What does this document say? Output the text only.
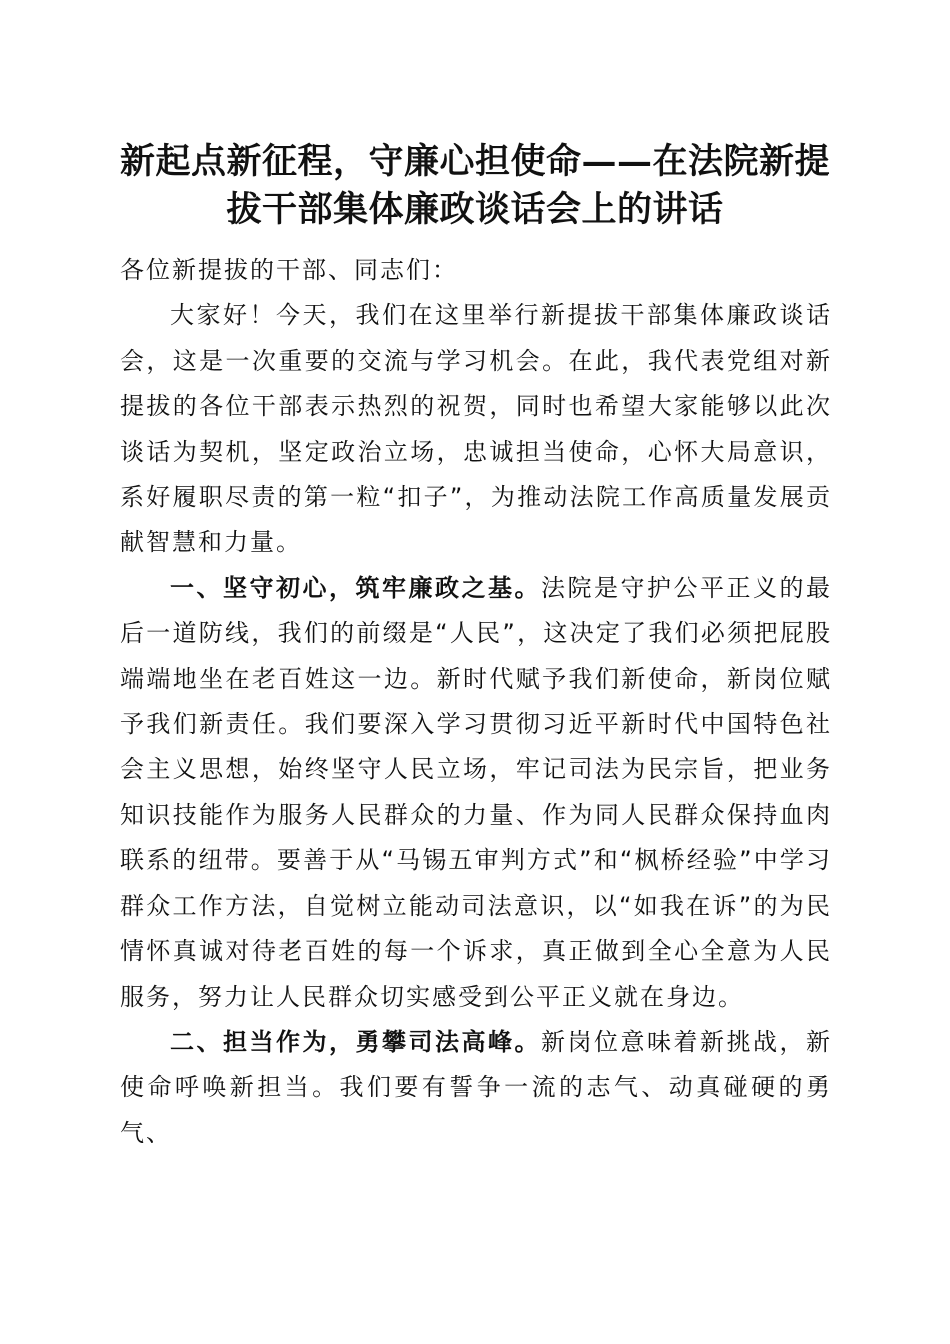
新起点新征程，守廉心担使命——在法院新提
拔干部集体廉政谈话会上的讲话

各位新提拔的干部、同志们：

大家好！今天，我们在这里举行新提拔干部集体廉政谈话会，这是一次重要的交流与学习机会。在此，我代表党组对新提拔的各位干部表示热烈的祝贺，同时也希望大家能够以此次谈话为契机，坚定政治立场，忠诚担当使命，心怀大局意识，系好履职尽责的第一粒“扣子”，为推动法院工作高质量发展贡献智慧和力量。

一、坚守初心，筑牢廉政之基。法院是守护公平正义的最后一道防线，我们的前缀是“人民”，这决定了我们必须把屁股端端地坐在老百姓这一边。新时代赋予我们新使命，新岗位赋予我们新责任。我们要深入学习贯彻习近平新时代中国特色社会主义思想，始终坚守人民立场，牢记司法为民宗旨，把业务知识技能作为服务人民群众的力量、作为同人民群众保持血肉联系的纽带。要善于从“马锡五审判方式”和“枫桥经验”中学习群众工作方法，自觉树立能动司法意识，以“如我在诉”的为民情怀真诚对待老百姓的每一个诉求，真正做到全心全意为人民服务，努力让人民群众切实感受到公平正义就在身边。

二、担当作为，勇攀司法高峰。新岗位意味着新挑战，新使命呼唤新担当。我们要有誓争一流的志气、动真碰硬的勇气、
